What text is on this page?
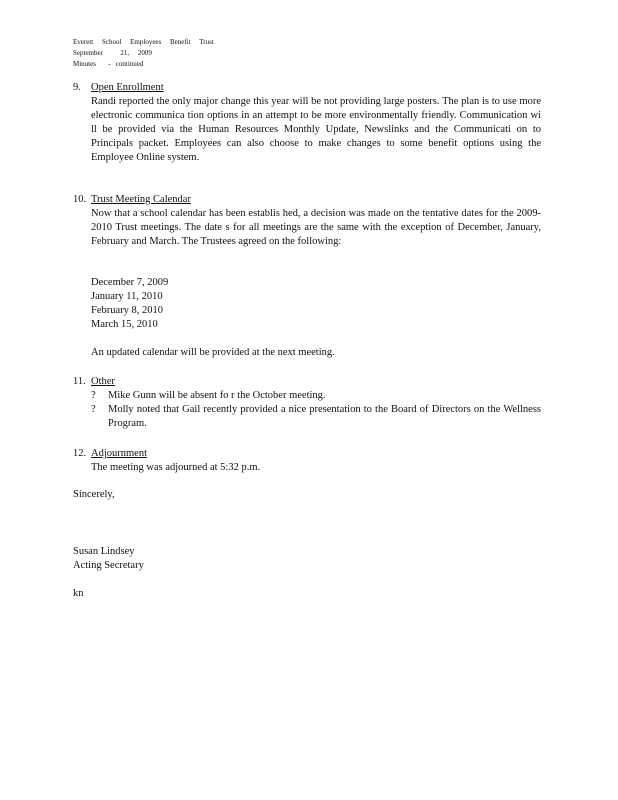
Everett     School     Employees     Benefit     Trust
September          21,     2009
Minutes       -   continued
9. Open Enrollment
Randi reported the only major change this year will be not providing large posters. The plan is to use more electronic communica tion options in an attempt to be more environmentally friendly. Communication wi ll be provided via the Human Resources Monthly Update, Newslinks and the Communicati on to Principals packet. Employees can also choose to make changes to some benefit options using the Employee Online system.
10. Trust Meeting Calendar
Now that a school calendar has been establis hed, a decision was made on the tentative dates for the 2009-2010 Trust meetings. The date s for all meetings are the same with the exception of December, January, February and March. The Trustees agreed on the following:
December 7, 2009
January 11, 2010
February 8, 2010
March 15, 2010
An updated calendar will be provided at the next meeting.
11. Other
? Mike Gunn will be absent fo r the October meeting.
? Molly noted that Gail recently provided a nice presentation to the Board of Directors on the Wellness Program.
12. Adjournment
The meeting was adjourned at 5:32 p.m.
Sincerely,
Susan Lindsey
Acting Secretary
kn
